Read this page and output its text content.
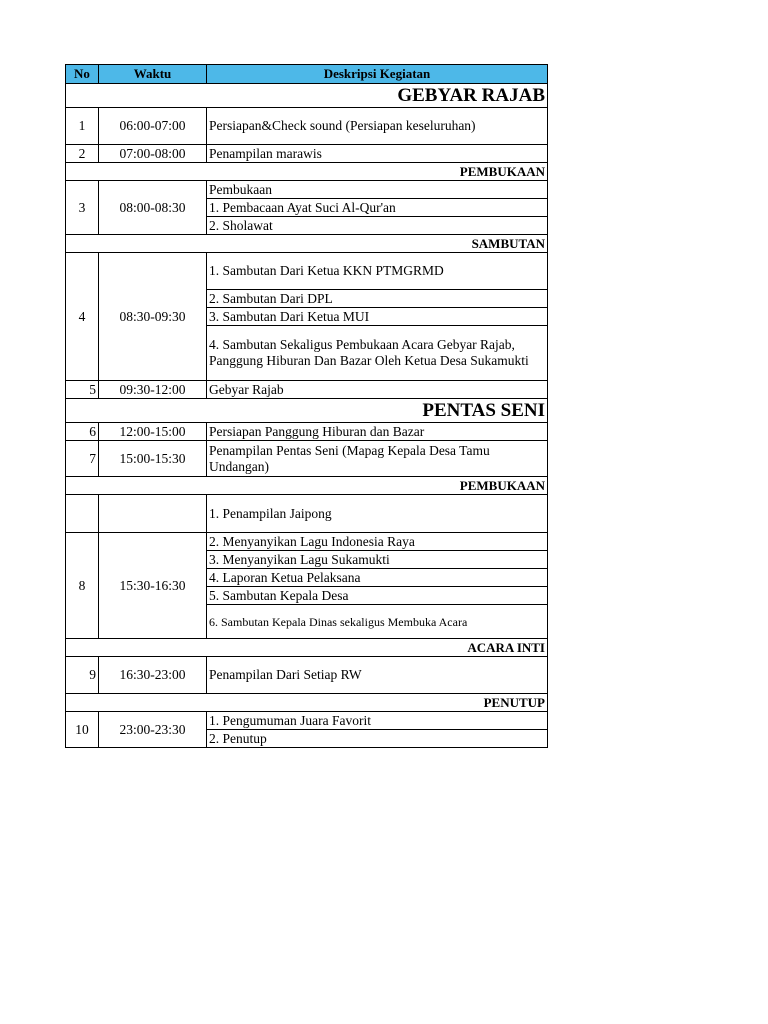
No	Waktu	Deskripsi Kegiatan
GEBYAR RAJAB		
1	06:00-07:00	Persiapan&Check sound (Persiapan keseluruhan)
2	07:00-08:00	Penampilan marawis
PEMBUKAAN		
3	08:00-08:30	Pembukaan
		1. Pembacaan Ayat Suci Al-Qur'an
		2. Sholawat
SAMBUTAN		
4	08:30-09:30	1. Sambutan Dari Ketua KKN PTMGRMD
		2. Sambutan Dari DPL
		3. Sambutan Dari Ketua MUI
		4. Sambutan Sekaligus Pembukaan Acara Gebyar Rajab, Panggung Hiburan Dan Bazar Oleh Ketua Desa Sukamukti
5	09:30-12:00	Gebyar Rajab
PENTAS SENI		
6	12:00-15:00	Persiapan Panggung Hiburan dan Bazar
7	15:00-15:30	Penampilan Pentas Seni (Mapag Kepala Desa Tamu Undangan)
PEMBUKAAN		
		1. Penampilan Jaipong
8	15:30-16:30	2. Menyanyikan Lagu Indonesia Raya
		3. Menyanyikan Lagu Sukamukti
		4. Laporan Ketua Pelaksana
		5. Sambutan Kepala Desa
		6. Sambutan Kepala Dinas sekaligus Membuka Acara
ACARA INTI		
9	16:30-23:00	Penampilan Dari Setiap RW
PENUTUP		
10	23:00-23:30	1. Pengumuman Juara Favorit
		2. Penutup
